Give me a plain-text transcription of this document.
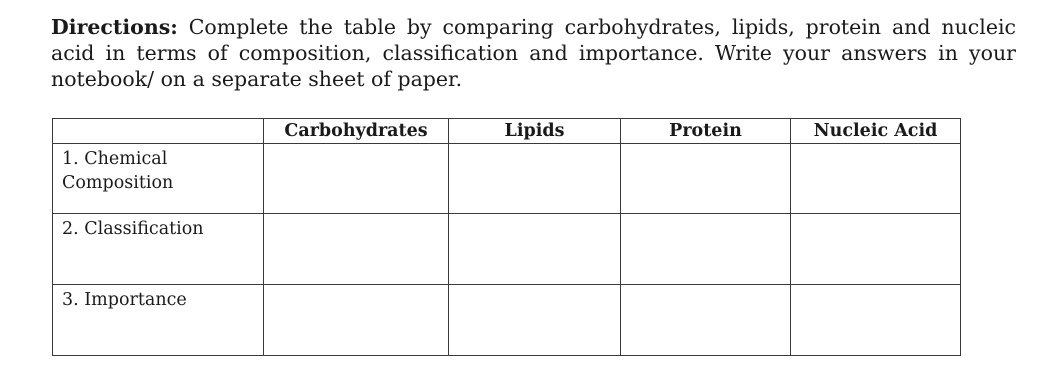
Directions: Complete the table by comparing carbohydrates, lipids, protein and nucleic acid in terms of composition, classification and importance. Write your answers in your notebook/ on a separate sheet of paper.

	Carbohydrates	Lipids	Protein	Nucleic Acid

1. Chemical
Composition				

2. Classification				

3. Importance				
